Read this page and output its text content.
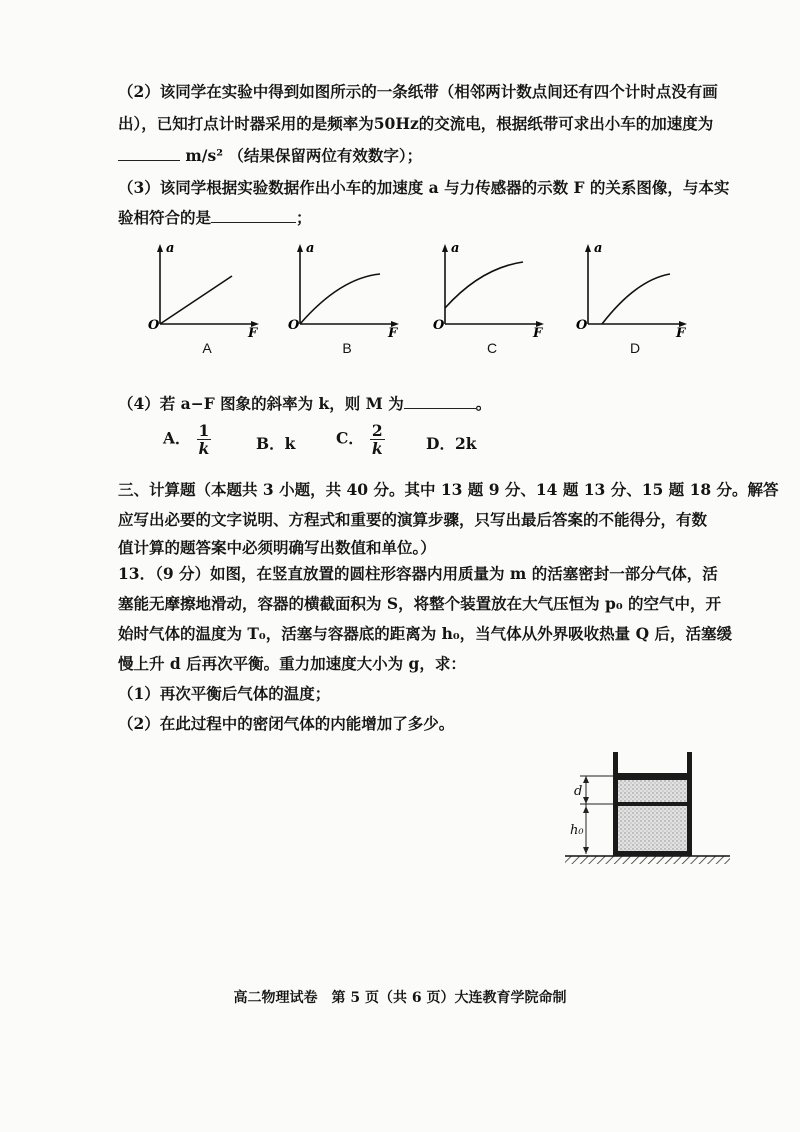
（2）该同学在实验中得到如图所示的一条纸带（相邻两计数点间还有四个计时点没有画
出），已知打点计时器采用的是频率为50Hz的交流电，根据纸带可求出小车的加速度为
m/s² （结果保留两位有效数字）；
（3）该同学根据实验数据作出小车的加速度 a 与力传感器的示数 F 的关系图像，与本实
验相符合的是	；
a
O
F
A
a
O
F
B
a
O
F
C
a
O
F
D
（4）若 a−F 图象的斜率为 k，则 M 为	。
A． $\frac{1}{k}$	B．k	C． $\frac{2}{k}$	D．2k
三、计算题（本题共 3 小题，共 40 分。其中 13 题 9 分、14 题 13 分、15 题 18 分。解答
应写出必要的文字说明、方程式和重要的演算步骤，只写出最后答案的不能得分，有数
值计算的题答案中必须明确写出数值和单位。）
13．（9 分）如图，在竖直放置的圆柱形容器内用质量为 m 的活塞密封一部分气体，活
塞能无摩擦地滑动，容器的横截面积为 S，将整个装置放在大气压恒为 p₀ 的空气中，开
始时气体的温度为 T₀，活塞与容器底的距离为 h₀，当气体从外界吸收热量 Q 后，活塞缓
慢上升 d 后再次平衡。重力加速度大小为 g，求：
（1）再次平衡后气体的温度；
（2）在此过程中的密闭气体的内能增加了多少。
d
h₀
高二物理试卷　第 5 页（共 6 页）大连教育学院命制
